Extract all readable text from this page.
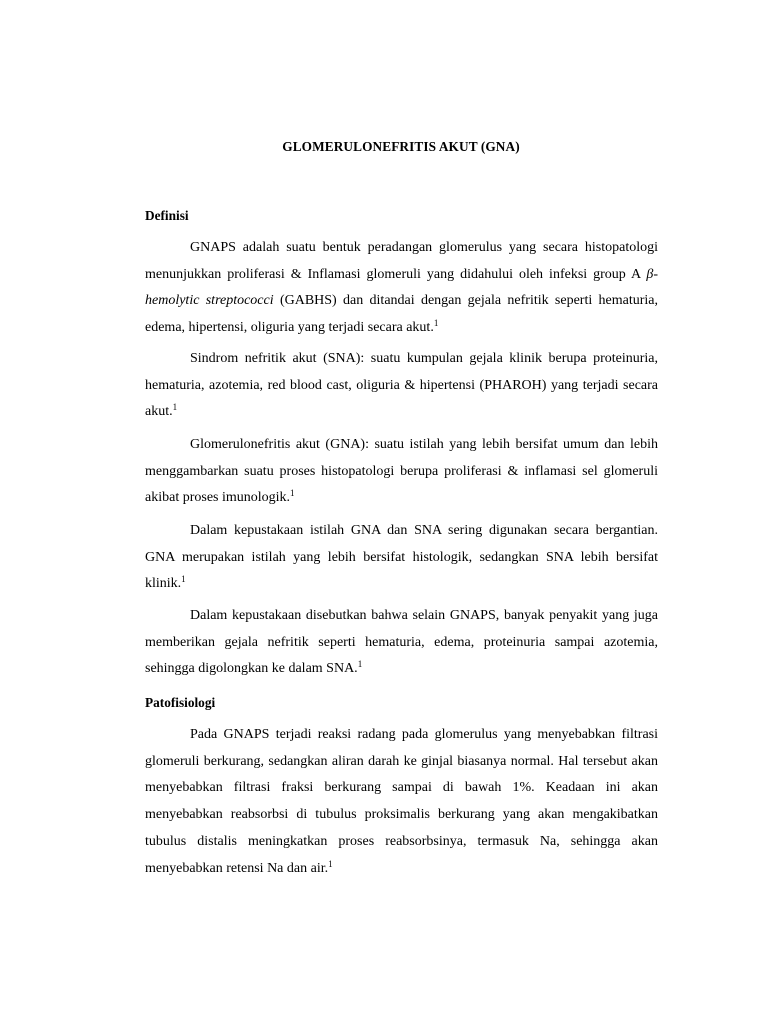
GLOMERULONEFRITIS AKUT (GNA)
Definisi

GNAPS adalah suatu bentuk peradangan glomerulus yang secara histopatologi menunjukkan proliferasi & Inflamasi glomeruli yang didahului oleh infeksi group A β-hemolytic streptococci (GABHS) dan ditandai dengan gejala nefritik seperti hematuria, edema, hipertensi, oliguria yang terjadi secara akut.$^1$

Sindrom nefritik akut (SNA): suatu kumpulan gejala klinik berupa proteinuria, hematuria, azotemia, red blood cast, oliguria & hipertensi (PHAROH) yang terjadi secara akut.$^1$

Glomerulonefritis akut (GNA): suatu istilah yang lebih bersifat umum dan lebih menggambarkan suatu proses histopatologi berupa proliferasi & inflamasi sel glomeruli akibat proses imunologik.$^1$

Dalam kepustakaan istilah GNA dan SNA sering digunakan secara bergantian. GNA merupakan istilah yang lebih bersifat histologik, sedangkan SNA lebih bersifat klinik.$^1$

Dalam kepustakaan disebutkan bahwa selain GNAPS, banyak penyakit yang juga memberikan gejala nefritik seperti hematuria, edema, proteinuria sampai azotemia, sehingga digolongkan ke dalam SNA.$^1$

Patofisiologi

Pada GNAPS terjadi reaksi radang pada glomerulus yang menyebabkan filtrasi glomeruli berkurang, sedangkan aliran darah ke ginjal biasanya normal. Hal tersebut akan menyebabkan filtrasi fraksi berkurang sampai di bawah 1%. Keadaan ini akan menyebabkan reabsorbsi di tubulus proksimalis berkurang yang akan mengakibatkan tubulus distalis meningkatkan proses reabsorbsinya, termasuk Na, sehingga akan menyebabkan retensi Na dan air.$^1$
